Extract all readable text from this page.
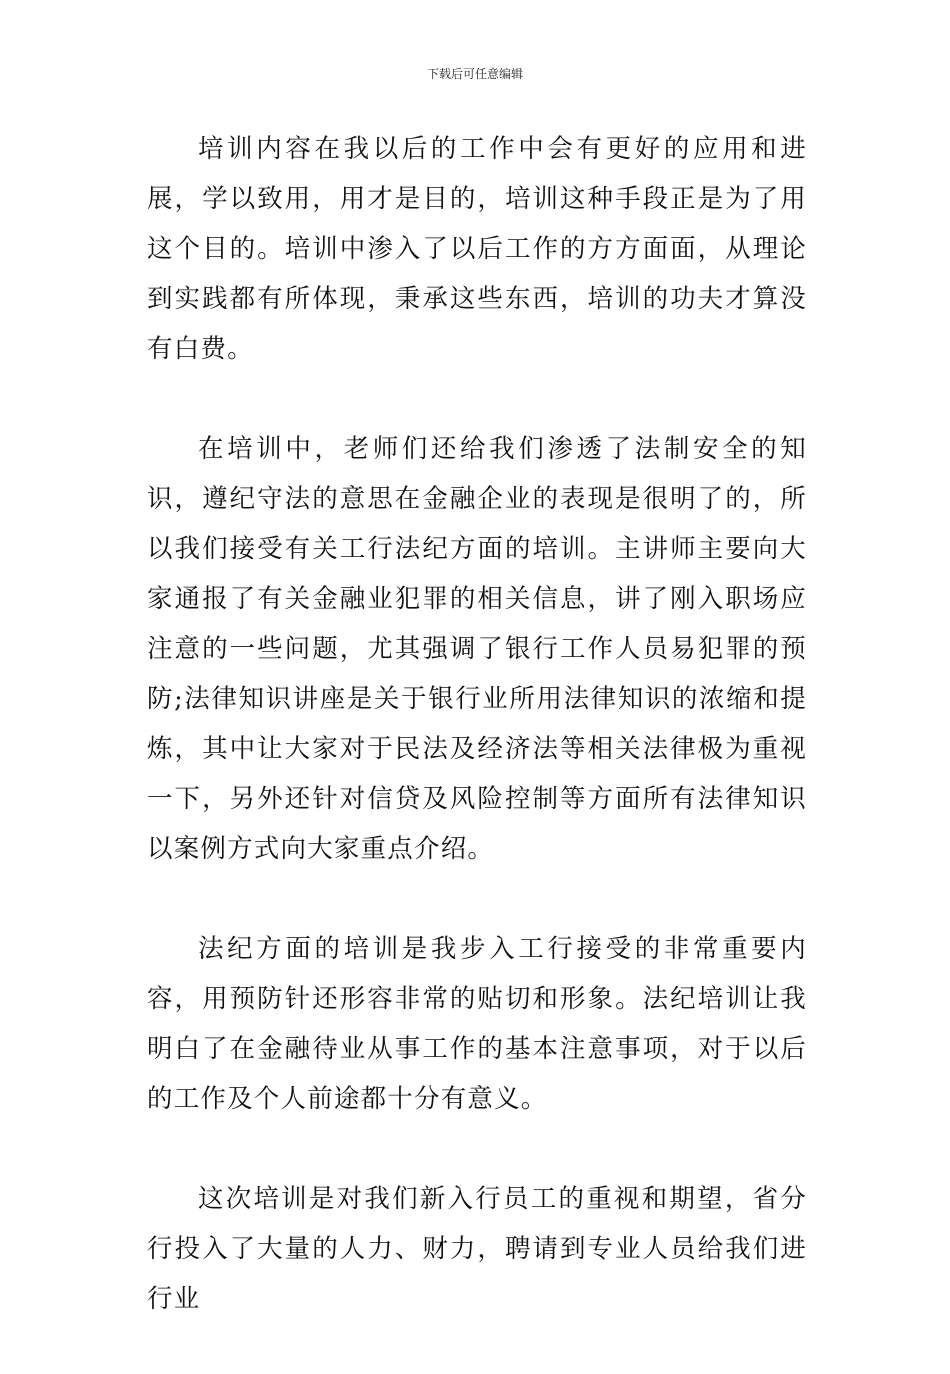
下载后可任意编辑

培训内容在我以后的工作中会有更好的应用和进展，学以致用，用才是目的，培训这种手段正是为了用这个目的。培训中渗入了以后工作的方方面面，从理论到实践都有所体现，秉承这些东西，培训的功夫才算没有白费。

在培训中，老师们还给我们渗透了法制安全的知识，遵纪守法的意思在金融企业的表现是很明了的，所以我们接受有关工行法纪方面的培训。主讲师主要向大家通报了有关金融业犯罪的相关信息，讲了刚入职场应注意的一些问题，尤其强调了银行工作人员易犯罪的预防;法律知识讲座是关于银行业所用法律知识的浓缩和提炼，其中让大家对于民法及经济法等相关法律极为重视一下，另外还针对信贷及风险控制等方面所有法律知识以案例方式向大家重点介绍。

法纪方面的培训是我步入工行接受的非常重要内容，用预防针还形容非常的贴切和形象。法纪培训让我明白了在金融待业从事工作的基本注意事项，对于以后的工作及个人前途都十分有意义。

这次培训是对我们新入行员工的重视和期望，省分行投入了大量的人力、财力，聘请到专业人员给我们进行业
